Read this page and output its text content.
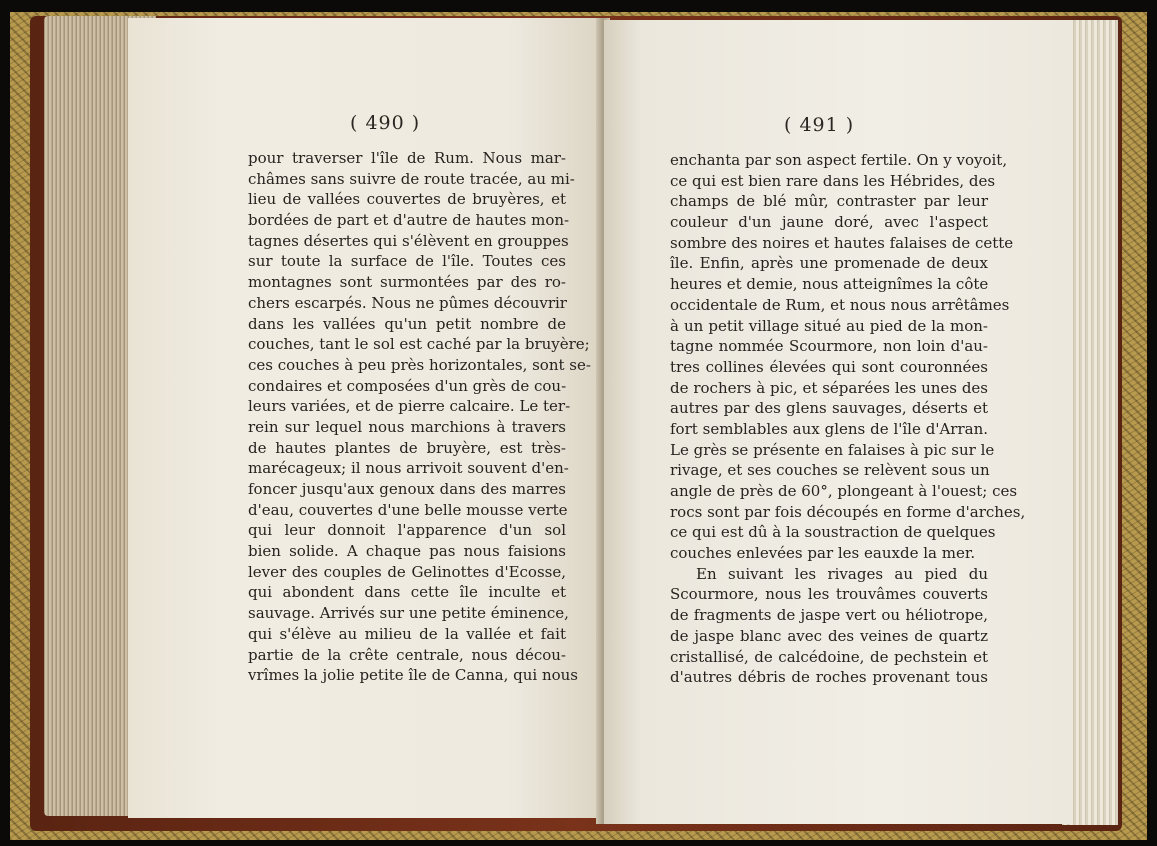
( 490 )
pour traverser l'île de Rum. Nous mar-
châmes sans suivre de route tracée, au mi-
lieu de vallées couvertes de bruyères, et
bordées de part et d'autre de hautes mon-
tagnes désertes qui s'élèvent en grouppes
sur toute la surface de l'île. Toutes ces
montagnes sont surmontées par des ro-
chers escarpés. Nous ne pûmes découvrir
dans les vallées qu'un petit nombre de
couches, tant le sol est caché par la bruyère;
ces couches à peu près horizontales, sont se-
condaires et composées d'un grès de cou-
leurs variées, et de pierre calcaire. Le ter-
rein sur lequel nous marchions à travers
de hautes plantes de bruyère, est très-
marécageux; il nous arrivoit souvent d'en-
foncer jusqu'aux genoux dans des marres
d'eau, couvertes d'une belle mousse verte
qui leur donnoit l'apparence d'un sol
bien solide. A chaque pas nous faisions
lever des couples de Gelinottes d'Ecosse,
qui abondent dans cette île inculte et
sauvage. Arrivés sur une petite éminence,
qui s'élève au milieu de la vallée et fait
partie de la crête centrale, nous décou-
vrîmes la jolie petite île de Canna, qui nous
( 491 )
enchanta par son aspect fertile. On y voyoit,
ce qui est bien rare dans les Hébrides, des
champs de blé mûr, contraster par leur
couleur d'un jaune doré, avec l'aspect
sombre des noires et hautes falaises de cette
île. Enfin, après une promenade de deux
heures et demie, nous atteignîmes la côte
occidentale de Rum, et nous nous arrêtâmes
à un petit village situé au pied de la mon-
tagne nommée Scourmore, non loin d'au-
tres collines élevées qui sont couronnées
de rochers à pic, et séparées les unes des
autres par des glens sauvages, déserts et
fort semblables aux glens de l'île d'Arran.
Le grès se présente en falaises à pic sur le
rivage, et ses couches se relèvent sous un
angle de près de 60°, plongeant à l'ouest; ces
rocs sont par fois découpés en forme d'arches,
ce qui est dû à la soustraction de quelques
couches enlevées par les eauxde la mer.
En suivant les rivages au pied du
Scourmore, nous les trouvâmes couverts
de fragments de jaspe vert ou héliotrope,
de jaspe blanc avec des veines de quartz
cristallisé, de calcédoine, de pechstein et
d'autres débris de roches provenant tous
